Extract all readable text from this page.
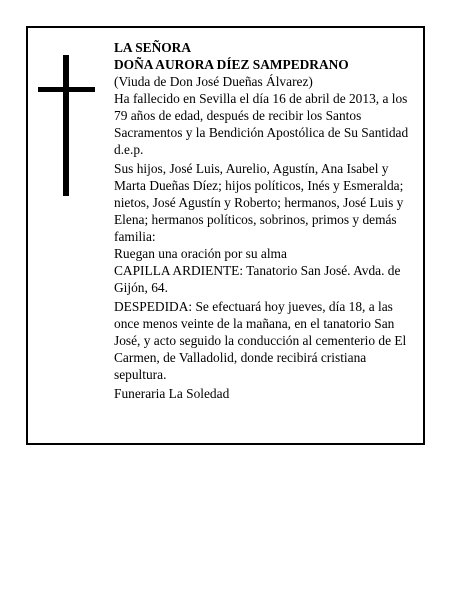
LA SEÑORA
DOÑA AURORA DÍEZ SAMPEDRANO

(Viuda de Don José Dueñas Álvarez)

Ha fallecido en Sevilla el día 16 de abril de 2013, a los 79 años de edad, después de recibir los Santos Sacramentos y la Bendición Apostólica de Su Santidad d.e.p.

Sus hijos, José Luis, Aurelio, Agustín, Ana Isabel y Marta Dueñas Díez; hijos políticos, Inés y Esmeralda; nietos, José Agustín y Roberto; hermanos, José Luis y Elena; hermanos políticos, sobrinos, primos y demás familia:

Ruegan una oración por su alma

CAPILLA ARDIENTE: Tanatorio San José. Avda. de Gijón, 64.

DESPEDIDA: Se efectuará hoy jueves, día 18, a las once menos veinte de la mañana, en el tanatorio San José, y acto seguido la conducción al cementerio de El Carmen, de Valladolid, donde recibirá cristiana sepultura.

Funeraria La Soledad
